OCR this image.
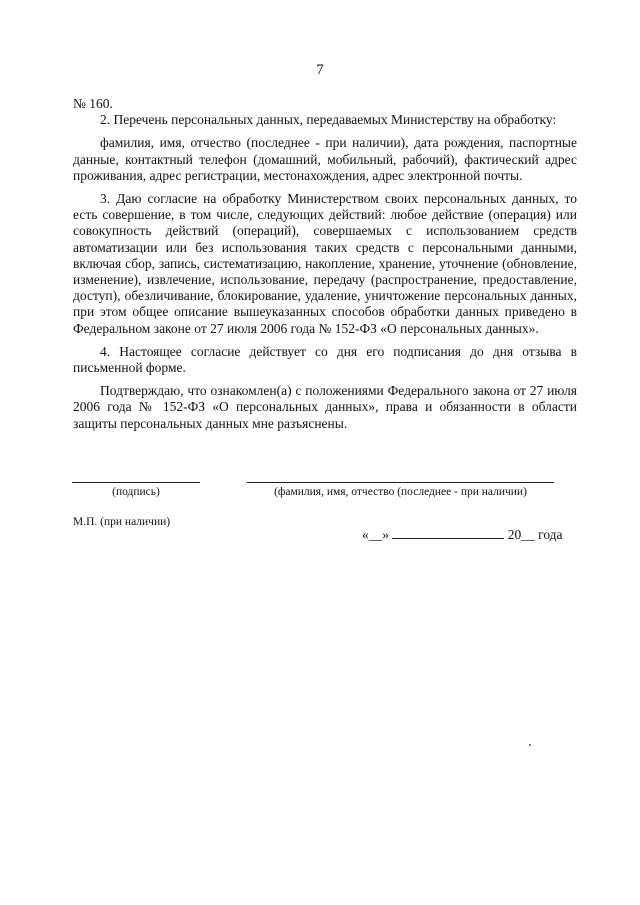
7

№ 160.

2. Перечень персональных данных, передаваемых Министерству на обработку:

фамилия, имя, отчество (последнее - при наличии), дата рождения, паспортные данные, контактный телефон (домашний, мобильный, рабочий), фактический адрес проживания, адрес регистрации, местонахождения, адрес электронной почты.

3. Даю согласие на обработку Министерством своих персональных данных, то есть совершение, в том числе, следующих действий: любое действие (операция) или совокупность действий (операций), совершаемых с использованием средств автоматизации или без использования таких средств с персональными данными, включая сбор, запись, систематизацию, накопление, хранение, уточнение (обновление, изменение), извлечение, использование, передачу (распространение, предоставление, доступ), обезличивание, блокирование, удаление, уничтожение персональных данных, при этом общее описание вышеуказанных способов обработки данных приведено в Федеральном законе от 27 июля 2006 года № 152-ФЗ «О персональных данных».

4. Настоящее согласие действует со дня его подписания до дня отзыва в письменной форме.

Подтверждаю, что ознакомлен(а) с положениями Федерального закона от 27 июля 2006 года № 152-ФЗ «О персональных данных», права и обязанности в области защиты персональных данных мне разъяснены.

(подпись)	(фамилия, имя, отчество (последнее - при наличии)
М.П. (при наличии)
«__»	20__ года
